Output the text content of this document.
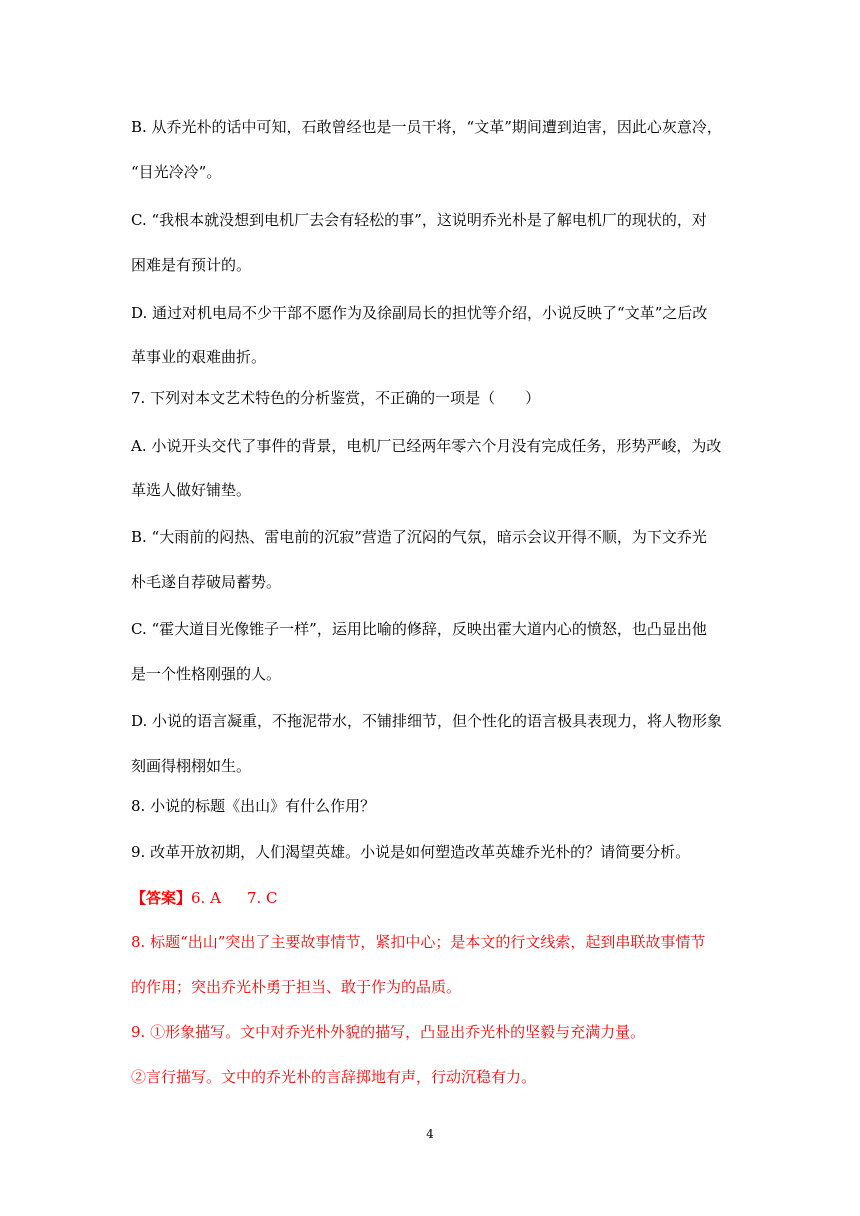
B. 从乔光朴的话中可知，石敢曾经也是一员干将，“文革”期间遭到迫害，因此心灰意冷，
“目光冷冷”。
C. “我根本就没想到电机厂去会有轻松的事”，这说明乔光朴是了解电机厂的现状的，对
困难是有预计的。
D. 通过对机电局不少干部不愿作为及徐副局长的担忧等介绍，小说反映了“文革”之后改
革事业的艰难曲折。
7. 下列对本文艺术特色的分析鉴赏，不正确的一项是（　　）
A. 小说开头交代了事件的背景，电机厂已经两年零六个月没有完成任务，形势严峻，为改
革选人做好铺垫。
B. “大雨前的闷热、雷电前的沉寂”营造了沉闷的气氛，暗示会议开得不顺，为下文乔光
朴毛遂自荐破局蓄势。
C. “霍大道目光像锥子一样”，运用比喻的修辞，反映出霍大道内心的愤怒，也凸显出他
是一个性格刚强的人。
D. 小说的语言凝重，不拖泥带水，不铺排细节，但个性化的语言极具表现力，将人物形象
刻画得栩栩如生。
8. 小说的标题《出山》有什么作用？
9. 改革开放初期，人们渴望英雄。小说是如何塑造改革英雄乔光朴的？请简要分析。
【答案】6. A 7. C
8. 标题“出山”突出了主要故事情节，紧扣中心；是本文的行文线索，起到串联故事情节
的作用；突出乔光朴勇于担当、敢于作为的品质。
9. ①形象描写。文中对乔光朴外貌的描写，凸显出乔光朴的坚毅与充满力量。
②言行描写。文中的乔光朴的言辞掷地有声，行动沉稳有力。
4
